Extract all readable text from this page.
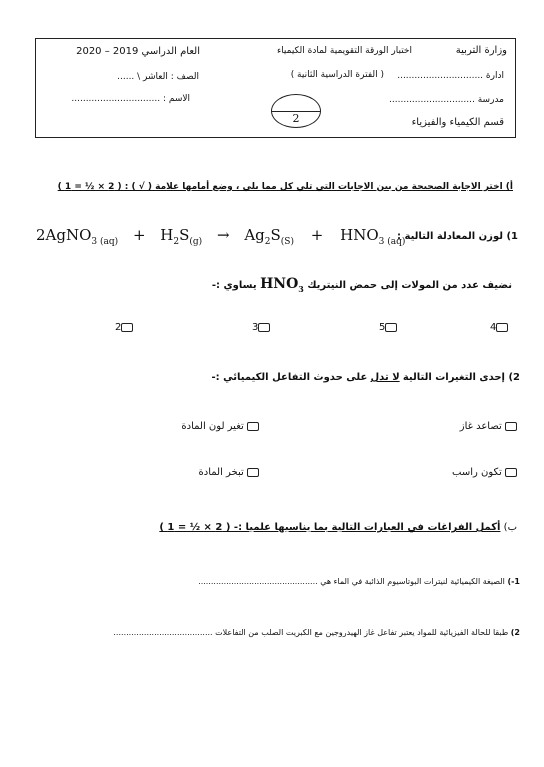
وزارة التربية
ادارة ..............................
مدرسة ..............................
قسم الكيمياء والفيزياء
اختبار الورقة التقويمية لمادة الكيمياء
( الفترة الدراسية الثانية )
العام الدراسي 2019 – 2020
الصف : العاشر \ ......
الاسم : ...............................
2
أ) اختر الاجابة الصحيحة من بين الاجابات التي تلي كل مما يلي ، وضع أمامها علامة ( √ ) : ( 2 × ½ = 1 )
1) لوزن المعادلة التالية :
2AgNO$_{3 (aq)}$ + $H_2S_{(g)} \to Ag_2S_{(S)} + HNO_{3 (aq)}$
نضيف عدد من المولات إلى حمض النيتريك $HNO_3$ يساوي :-
4
5
3
2
2) إحدى التغيرات التالية لا تدل على حدوث التفاعل الكيميائي :-
تصاعد غاز
تغير لون المادة
تكون راسب
تبخر المادة
ب) أكمل الفراغات في العبارات التالية بما يناسبها علميا :- ( 2 × ½ = 1 )
1-) الصيغة الكيميائية لنيترات البوتاسيوم الذائبة في الماء هي ...............................................
2) طبقا للحالة الفيزيائية للمواد يعتبر تفاعل غاز الهيدروجين مع الكبريت الصلب من التفاعلات .......................................
